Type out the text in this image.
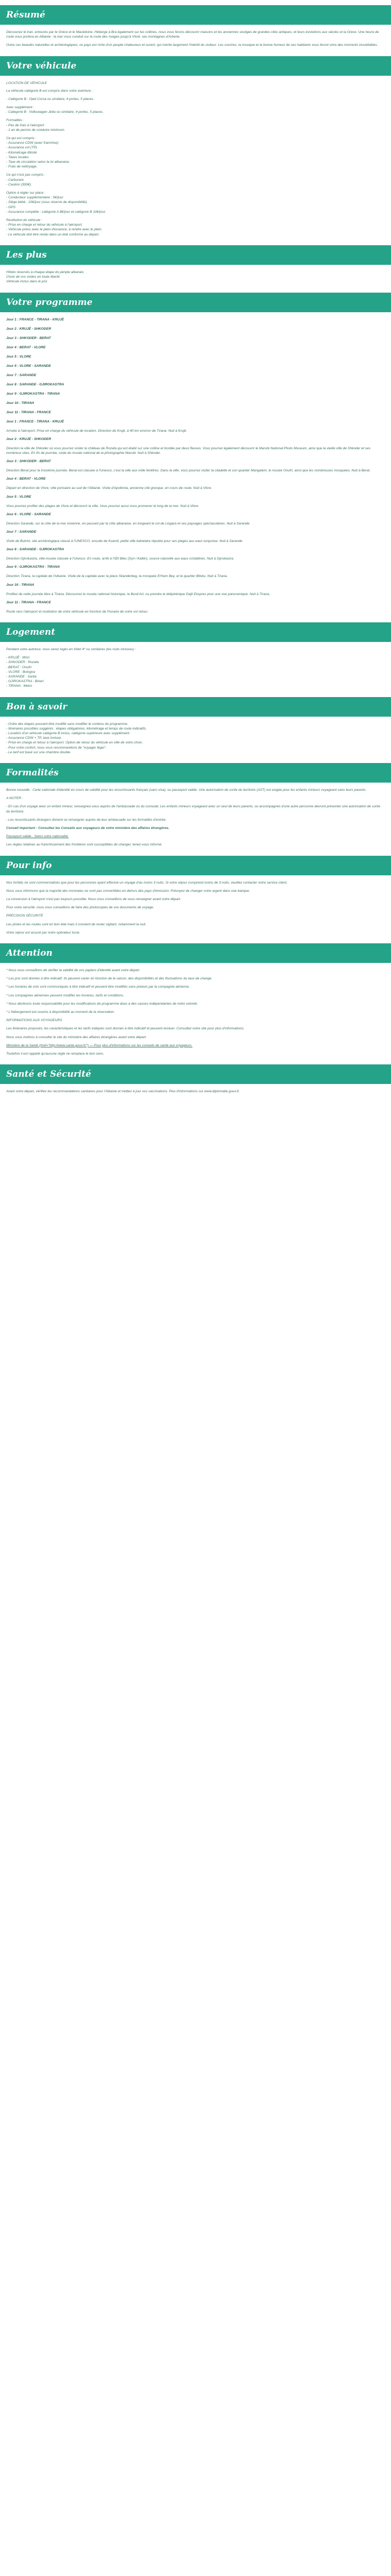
Résumé
Découvrez le Iran, entourés par le Grèce et le Macédoine. Héberge à Bra également sur les collines, nous vous ferons découvrir maisons et les anciennes vestiges de grandes cités antiques, et leurs évolutions aux siècles et la Grèce. Une heure de route vous portera en Albanie : la mer nous conduit sur la route des rivages jusqu'à Vlorë, ses montagnes d'Arberie.
Outre ces beautés naturelles et archéologiques, ce pays est riche d'un peuple chaleureux et ouvert, qui mérite largement l'intérêt du visiteur. Les sourires, la musique et la bonne humeur de ses habitants vous feront vivre des moments inoubliables.
Votre véhicule
LOCATION DE VÉHICULE
La véhicule catégorie B est compris dans votre aventure :
- Catégorie B : Opel Corsa ou similaire, 4 portes, 5 places.
Avec supplément :
- Catégorie B : Volkswagen Jetta ou similaire, 4 portes, 5 places.
Formalités :
- Pas de frais à l'aéroport
- 1 an de permis de conduire minimum.
Ce qui est compris :
- Assurance CDW (avec franchise)
- Assurance vol (TP)
- Kilométrage illimité
- Taxes locales
- Taxe de circulation selon la loi albanaise.
- Frais de nettoyage.
Ce qui n'est pas compris :
- Carburant.
- Caution (300€).
Option à régler sur place :
- Conducteur supplémentaire : 5€/jour
- Siège bébé : 10€/jour (sous réserve de disponibilité).
- GPS
- Assurance complète : catégorie A 8€/jour et catégorie B 10€/jour.
Restitution du véhicule :
- Prise en charge et retour du véhicule à l'aéroport.
- Véhicule prévu avec le plein d'essence, à rendre avec le plein.
- Le véhicule doit être rendu dans un état conforme au départ.
Les plus
Hôtels réservés à chaque étape du périple albanais
Choix de vos visites en toute liberté
Véhicule inclus dans le prix
Votre programme
Jour 1 : FRANCE - TIRANA - KRUJË
Jour 2 : KRUJË - SHKODER
Jour 3 : SHKODER - BERAT
Jour 4 : BERAT - VLORE
Jour 5 : VLORE
Jour 6 : VLORE - SARANDE
Jour 7 : SARANDE
Jour 8 : SARANDE - GJIROKASTRA
Jour 9 : GJIROKASTRA - TIRANA
Jour 10 : TIRANA
Jour 11 : TIRANA - FRANCE
Jour 1 : FRANCE - TIRANA - KRUJË
Arrivée à l'aéroport. Prise en charge du véhicule de location. Direction de Krujë, à 40 km environ de Tirana. Nuit à Krujë.
Jour 2 : KRUJË - SHKODER
Direction la ville de Shkoder où vous pourrez visiter le château de Rozafa qui est établi sur une colline et bordée par deux fleuves. Vous pourrez également découvrir le Marubi National Photo Museum, ainsi que la vieille ville de Shkoder et ses nombreux sites. En fin de journée, visite du musée national de la photographie Marubi. Nuit à Shkoder.
Jour 3 : SHKODER - BERAT
Direction Berat pour la troisième journée. Berat est classée à l'Unesco, c'est la ville aux mille fenêtres. Dans la ville, vous pourrez visiter la citadelle et son quartier Mangalem, le musée Onufri, ainsi que les nombreuses mosquées. Nuit à Berat.
Jour 4 : BERAT - VLORE
Départ en direction de Vlore, ville portuaire au sud de l'Albanie. Visite d'Apollonia, ancienne cité grecque, en cours de route. Nuit à Vlore.
Jour 5 : VLORE
Vous pourrez profiter des plages de Vlore et découvrir la ville. Vous pourrez aussi vous promener le long de la mer. Nuit à Vlore.
Jour 6 : VLORE - SARANDE
Direction Sarande, sur la côte de la mer Ionienne, en passant par la côte albanaise, en longeant le col de Llogara et ses paysages spectaculaires. Nuit à Sarande.
Jour 7 : SARANDE
Visite de Butrint, site archéologique classé à l'UNESCO, ensuite de Ksamil, petite ville balnéaire réputée pour ses plages aux eaux turquoise. Nuit à Sarande.
Jour 8 : SARANDE - GJIROKASTRA
Direction Gjirokastra, ville-musée classée à l'Unesco. En route, arrêt à l'Œil Bleu (Syri i Kaltër), source naturelle aux eaux cristallines. Nuit à Gjirokastra.
Jour 9 : GJIROKASTRA - TIRANA
Direction Tirana, la capitale de l'Albanie. Visite de la capitale avec la place Skanderbeg, la mosquée Et'hem Bey, et le quartier Blloku. Nuit à Tirana.
Jour 10 : TIRANA
Profitez de cette journée libre à Tirana. Découvrez le musée national historique, le Bunk'Art, ou prendre le téléphérique Dajti Ekspres pour une vue panoramique. Nuit à Tirana.
Jour 11 : TIRANA - FRANCE
Route vers l'aéroport et restitution de votre véhicule en fonction de l'horaire de votre vol retour.
Logement
Pendant votre autotour, vous serez logés en hôtel 4* ou similaires (les nuits incluses) :
- KRUJË : Mrizi
- SHKODER : Rozafa
- BERAT : Onufri
- VLORE : Bologna
- SARANDE : Santa
- GJIROKASTRA : Bineri
- TIRANA : Metro
Bon à savoir
- Ordre des étapes pouvant être modifié sans modifier le contenu du programme.
- Itinéraires possibles suggérés : étapes obligatoires, kilométrage et temps de route indicatifs.
- Location d'un véhicule catégorie B inclus, catégorie supérieure avec supplément.
- Assurance CDW + TP, taxe incluse.
- Prise en charge et retour à l'aéroport. Option de retour du véhicule en ville de votre choix.
- Pour votre confort, nous vous recommandons de "voyager léger".
- Le tarif est basé sur une chambre double.
Formalités
Bonne nouvelle : Carte nationale d'identité en cours de validité pour les ressortissants français (sans visa), ou passeport valide. Une autorisation de sortie du territoire (AST) est exigée pour les enfants mineurs voyageant sans leurs parents.
A NOTER :
- En cas d'un voyage avec un enfant mineur, renseignez-vous auprès de l'ambassade ou du consulat. Les enfants mineurs voyageant avec un seul de leurs parents, ou accompagnés d'une autre personne devront présenter une autorisation de sortie du territoire.
- Les ressortissants étrangers doivent se renseigner auprès de leur ambassade sur les formalités d'entrée.
Conseil important : Consultez les Conseils aux voyageurs de votre ministère des affaires étrangères.
Passeport valide : Selon votre nationalité.
Les règles relatives au franchissement des frontières sont susceptibles de changer, tenez-vous informé.
Pour info
Nos forfaits ne sont commercialisés que pour les personnes ayant effectué un voyage d'au moins 3 nuits. Si votre séjour comprend moins de 3 nuits, veuillez contacter notre service client.
Nous vous informons que la majorité des monnaies ne sont pas convertibles en dehors des pays d'émission. Prévoyez de changer votre argent dans une banque.
La conversion à l'aéroport n'est pas toujours possible. Nous vous conseillons de vous renseigner avant votre départ.
Pour votre sécurité, nous vous conseillons de faire des photocopies de vos documents de voyage.
PRÉCISION SÉCURITÉ
Les pistes et les routes sont en bon état mais il convient de rester vigilant, notamment la nuit.
Votre séjour est assuré par notre opérateur local.
Attention
* Nous vous conseillons de vérifier la validité de vos papiers d'identité avant votre départ.
* Les prix sont donnés à titre indicatif. Ils peuvent varier en fonction de la saison, des disponibilités et des fluctuations du taux de change.
* Les horaires de vols sont communiqués à titre indicatif et peuvent être modifiés sans préavis par la compagnie aérienne.
* Les compagnies aériennes peuvent modifier les horaires, tarifs et conditions.
* Nous déclinons toute responsabilité pour les modifications de programme dues à des causes indépendantes de notre volonté.
* L'hébergement est soumis à disponibilité au moment de la réservation.
INFORMATIONS AUX VOYAGEURS
Les itinéraires proposés, les caractéristiques et les tarifs indiqués sont donnés à titre indicatif et peuvent évoluer. Consultez notre site pour plus d'informations.
Nous vous invitons à consulter le site du ministère des affaires étrangères avant votre départ.
Ministère de la Santé (href="http://www.sante.gouv.fr/") — Pour plus d'informations sur les conseils de santé aux voyageurs.
Toutefois il est rappelé qu'aucune règle ne remplace le bon sens.
Santé et Sécurité
Avant votre départ, vérifiez les recommandations sanitaires pour l'Albanie et mettez à jour vos vaccinations. Plus d'informations sur www.diplomatie.gouv.fr.
